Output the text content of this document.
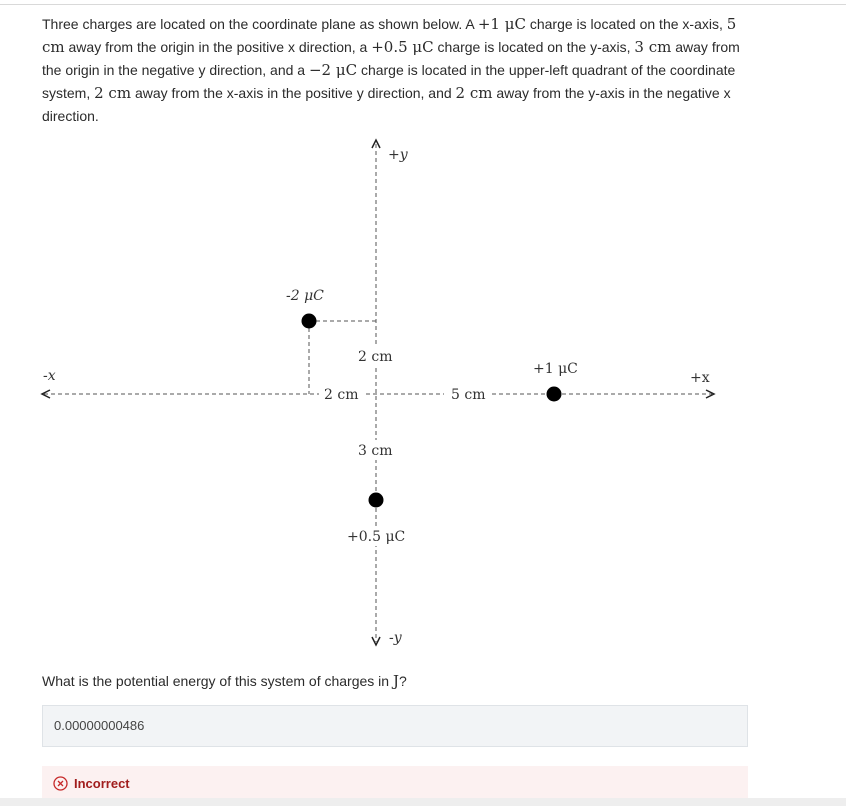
Three charges are located on the coordinate plane as shown below. A +1 μC charge is located on the x-axis, 5 cm away from the origin in the positive x direction, a +0.5 μC charge is located on the y-axis, 3 cm away from the origin in the negative y direction, and a −2 μC charge is located in the upper-left quadrant of the coordinate system, 2 cm away from the x-axis in the positive y direction, and 2 cm away from the y-axis in the negative x direction.
+y
-y
-x	+x
-2 μC
+1 μC
+0.5 μC
2 cm
2 cm	5 cm
3 cm
What is the potential energy of this system of charges in J?
0.00000000486
Incorrect
